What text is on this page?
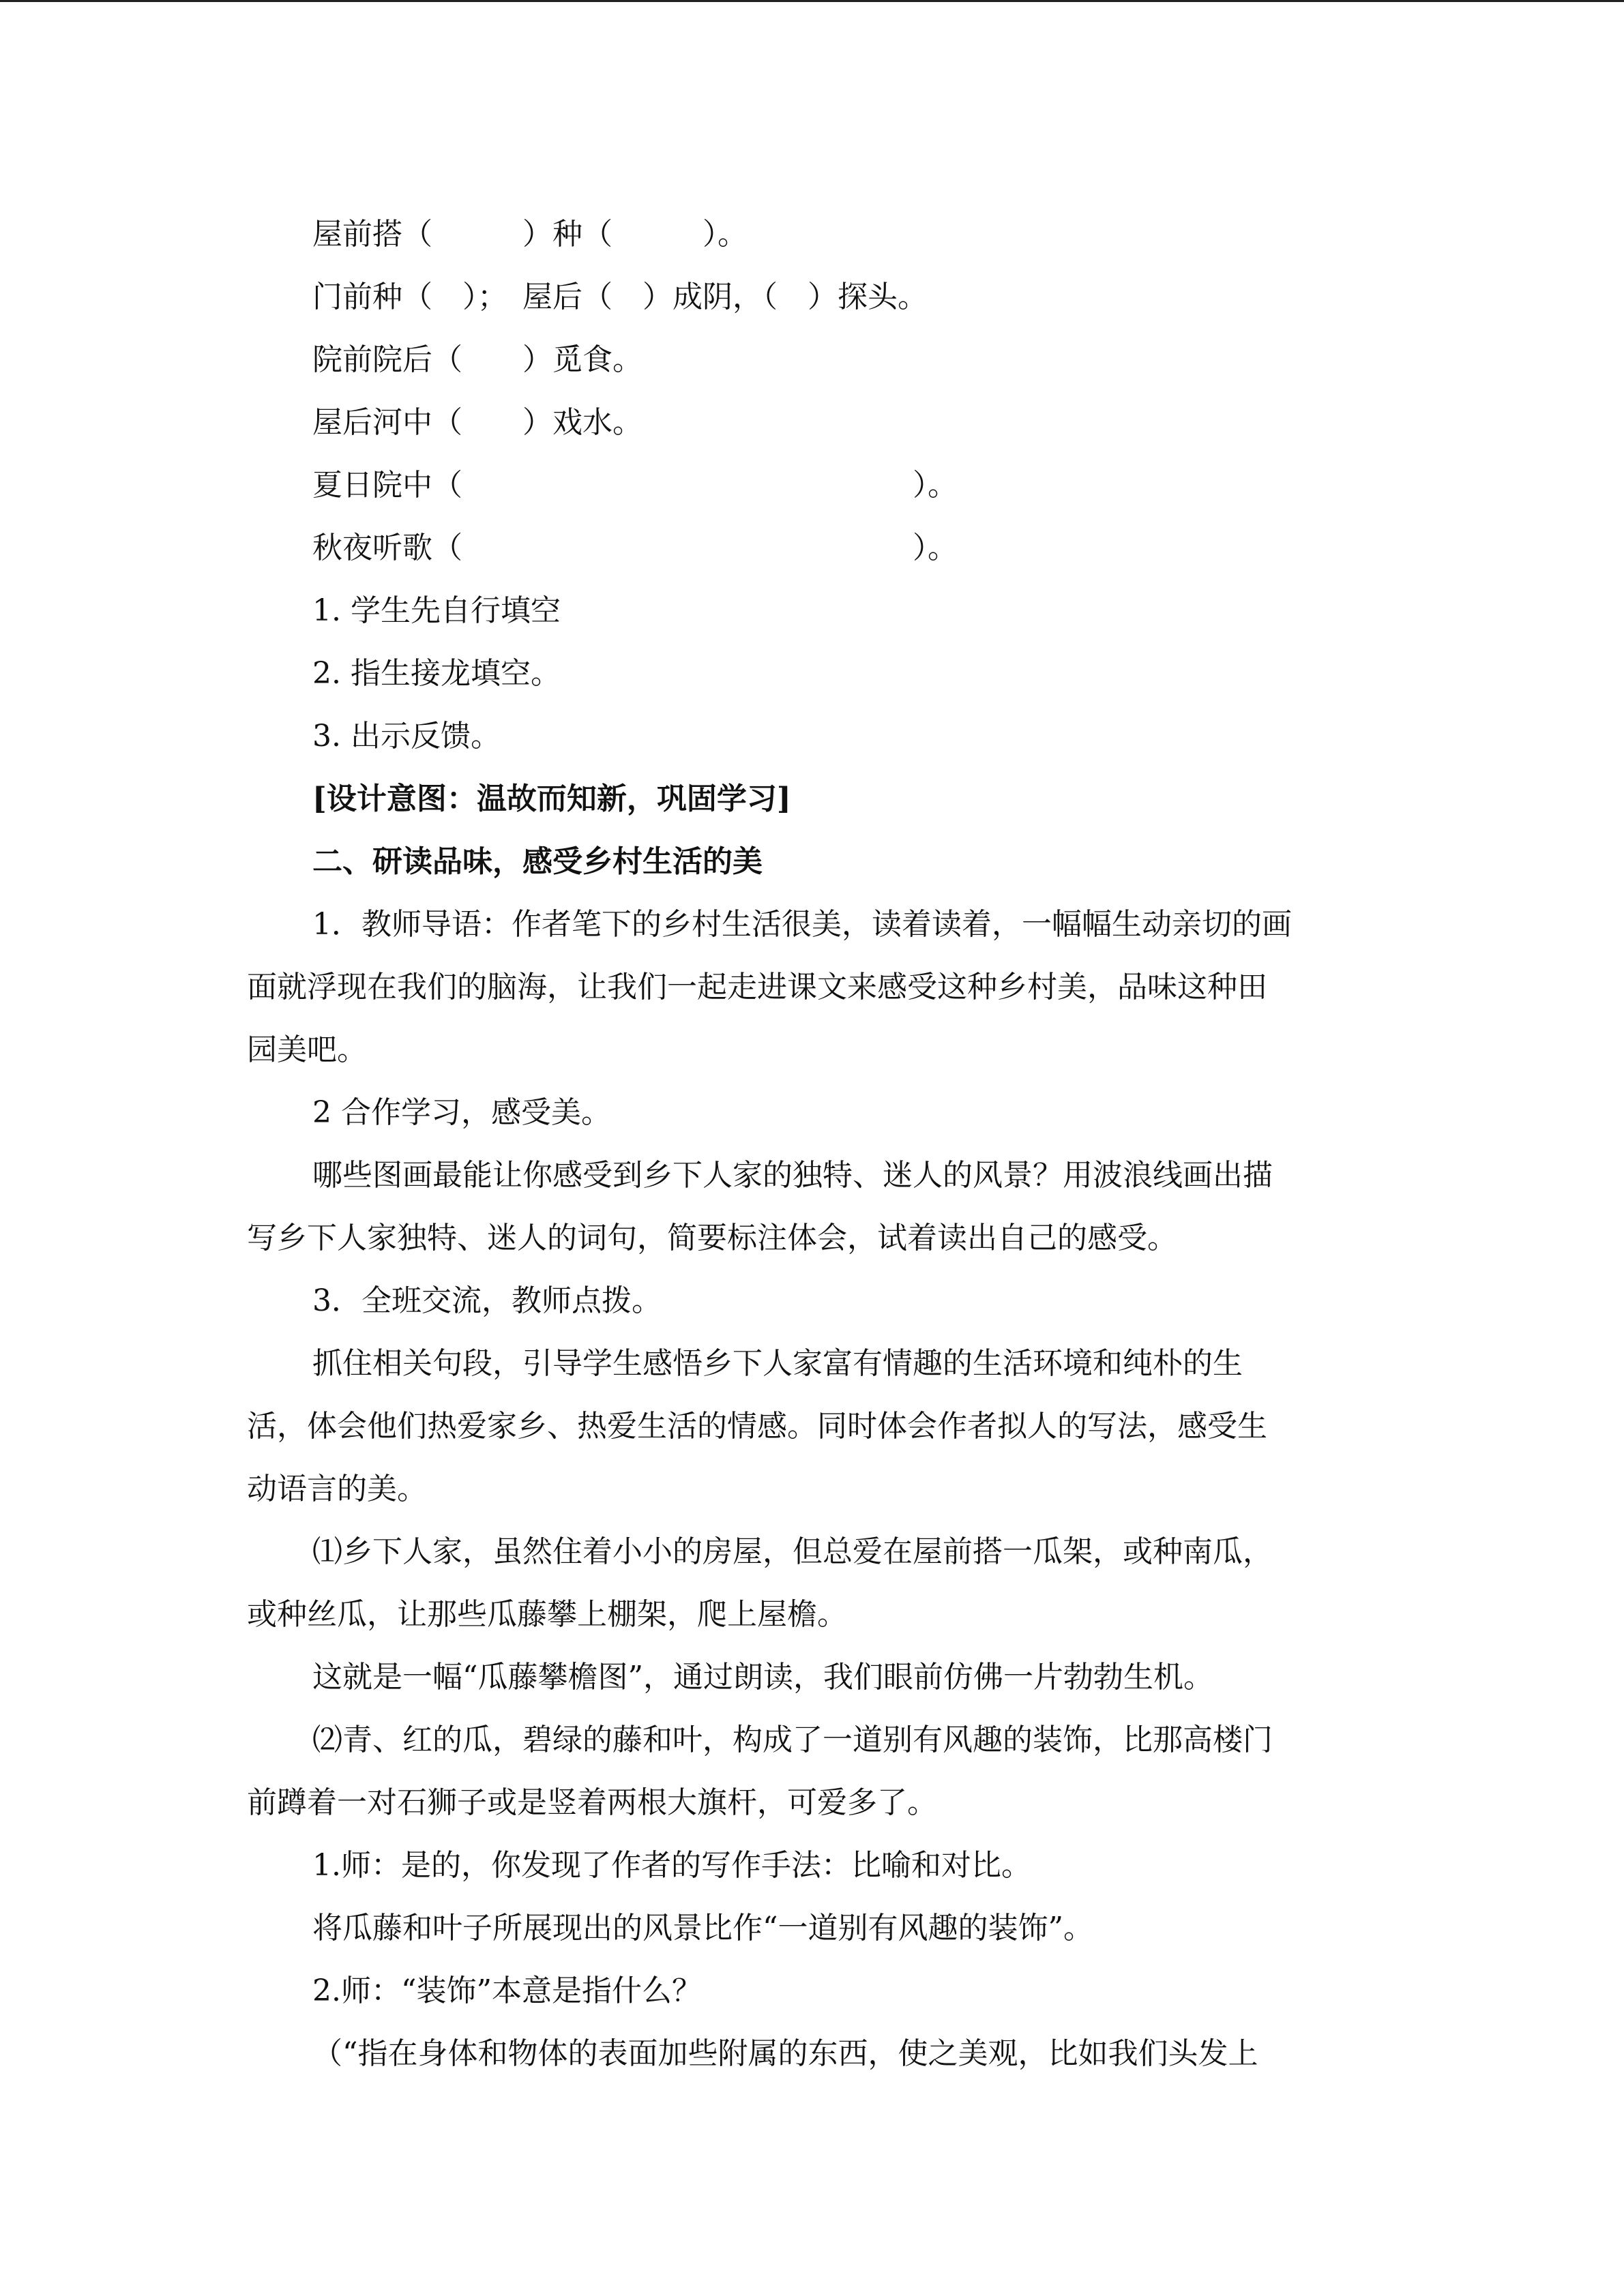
屋前搭（　　　）种（　　　）。
门前种（　）；　屋后（　）成阴，（　）探头。
院前院后（　　）觅食。
屋后河中（　　）戏水。
夏日院中（　　　　　　　　　　　　　　　）。
秋夜听歌（　　　　　　　　　　　　　　　）。
1. 学生先自行填空
2. 指生接龙填空。
3. 出示反馈。
[设计意图：温故而知新，巩固学习]
二、研读品味，感受乡村生活的美
1．教师导语：作者笔下的乡村生活很美，读着读着，一幅幅生动亲切的画
面就浮现在我们的脑海，让我们一起走进课文来感受这种乡村美，品味这种田
园美吧。
2 合作学习，感受美。
哪些图画最能让你感受到乡下人家的独特、迷人的风景？用波浪线画出描
写乡下人家独特、迷人的词句，简要标注体会，试着读出自己的感受。
3．全班交流，教师点拨。
抓住相关句段，引导学生感悟乡下人家富有情趣的生活环境和纯朴的生
活，体会他们热爱家乡、热爱生活的情感。同时体会作者拟人的写法，感受生
动语言的美。
⑴乡下人家，虽然住着小小的房屋，但总爱在屋前搭一瓜架，或种南瓜，
或种丝瓜，让那些瓜藤攀上棚架，爬上屋檐。
这就是一幅“瓜藤攀檐图”，通过朗读，我们眼前仿佛一片勃勃生机。
⑵青、红的瓜，碧绿的藤和叶，构成了一道别有风趣的装饰，比那高楼门
前蹲着一对石狮子或是竖着两根大旗杆，可爱多了。
1.师：是的，你发现了作者的写作手法：比喻和对比。
将瓜藤和叶子所展现出的风景比作“一道别有风趣的装饰”。
2.师：“装饰”本意是指什么？
（“指在身体和物体的表面加些附属的东西，使之美观，比如我们头发上
